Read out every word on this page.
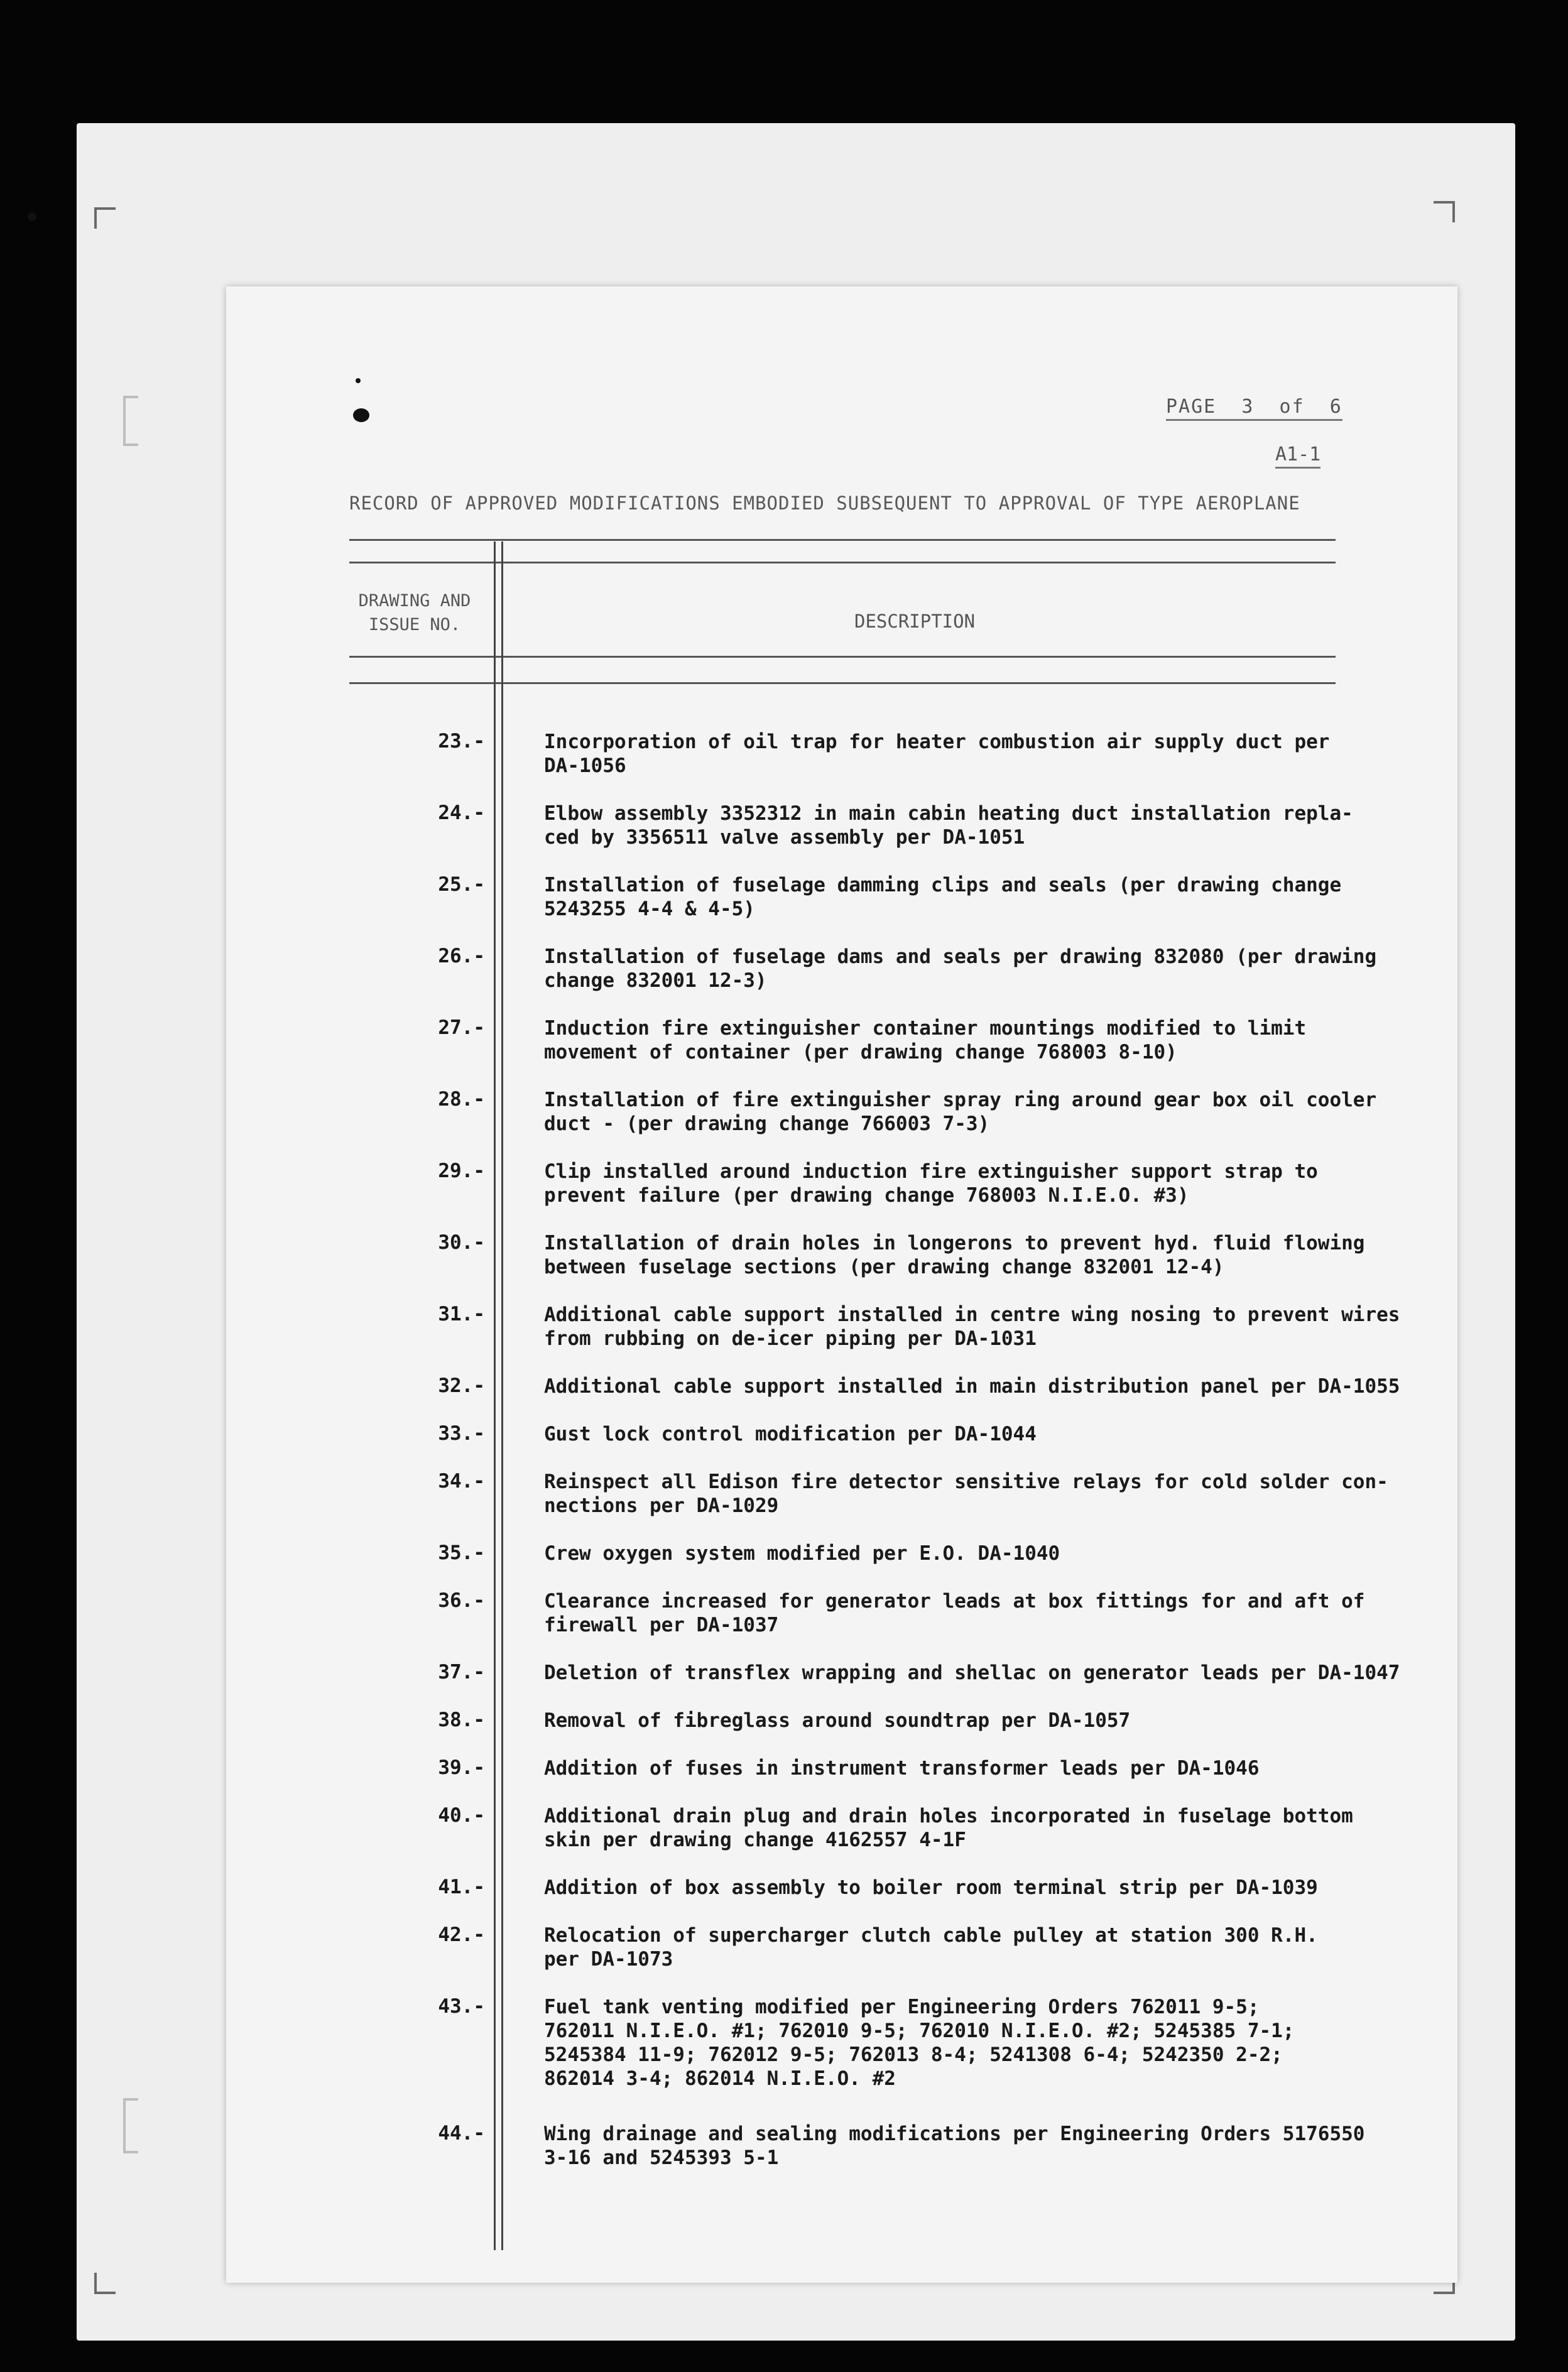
PAGE  3  of  6
A1-1
RECORD OF APPROVED MODIFICATIONS EMBODIED SUBSEQUENT TO APPROVAL OF TYPE AEROPLANE
DRAWING AND ISSUE NO.	DESCRIPTION
23.-	Incorporation of oil trap for heater combustion air supply duct per
DA-1056
24.-	Elbow assembly 3352312 in main cabin heating duct installation repla-
ced by 3356511 valve assembly per DA-1051
25.-	Installation of fuselage damming clips and seals (per drawing change
5243255 4-4 & 4-5)
26.-	Installation of fuselage dams and seals per drawing 832080 (per drawing
change 832001 12-3)
27.-	Induction fire extinguisher container mountings modified to limit
movement of container (per drawing change 768003 8-10)
28.-	Installation of fire extinguisher spray ring around gear box oil cooler
duct - (per drawing change 766003 7-3)
29.-	Clip installed around induction fire extinguisher support strap to
prevent failure (per drawing change 768003 N.I.E.O. #3)
30.-	Installation of drain holes in longerons to prevent hyd. fluid flowing
between fuselage sections (per drawing change 832001 12-4)
31.-	Additional cable support installed in centre wing nosing to prevent wires
from rubbing on de-icer piping per DA-1031
32.-	Additional cable support installed in main distribution panel per DA-1055
33.-	Gust lock control modification per DA-1044
34.-	Reinspect all Edison fire detector sensitive relays for cold solder con-
nections per DA-1029
35.-	Crew oxygen system modified per E.O. DA-1040
36.-	Clearance increased for generator leads at box fittings for and aft of
firewall per DA-1037
37.-	Deletion of transflex wrapping and shellac on generator leads per DA-1047
38.-	Removal of fibreglass around soundtrap per DA-1057
39.-	Addition of fuses in instrument transformer leads per DA-1046
40.-	Additional drain plug and drain holes incorporated in fuselage bottom
skin per drawing change 4162557 4-1F
41.-	Addition of box assembly to boiler room terminal strip per DA-1039
42.-	Relocation of supercharger clutch cable pulley at station 300 R.H.
per DA-1073
43.-	Fuel tank venting modified per Engineering Orders 762011 9-5;
762011 N.I.E.O. #1; 762010 9-5; 762010 N.I.E.O. #2; 5245385 7-1;
5245384 11-9; 762012 9-5; 762013 8-4; 5241308 6-4; 5242350 2-2;
862014 3-4; 862014 N.I.E.O. #2
44.-	Wing drainage and sealing modifications per Engineering Orders 5176550
3-16 and 5245393 5-1
